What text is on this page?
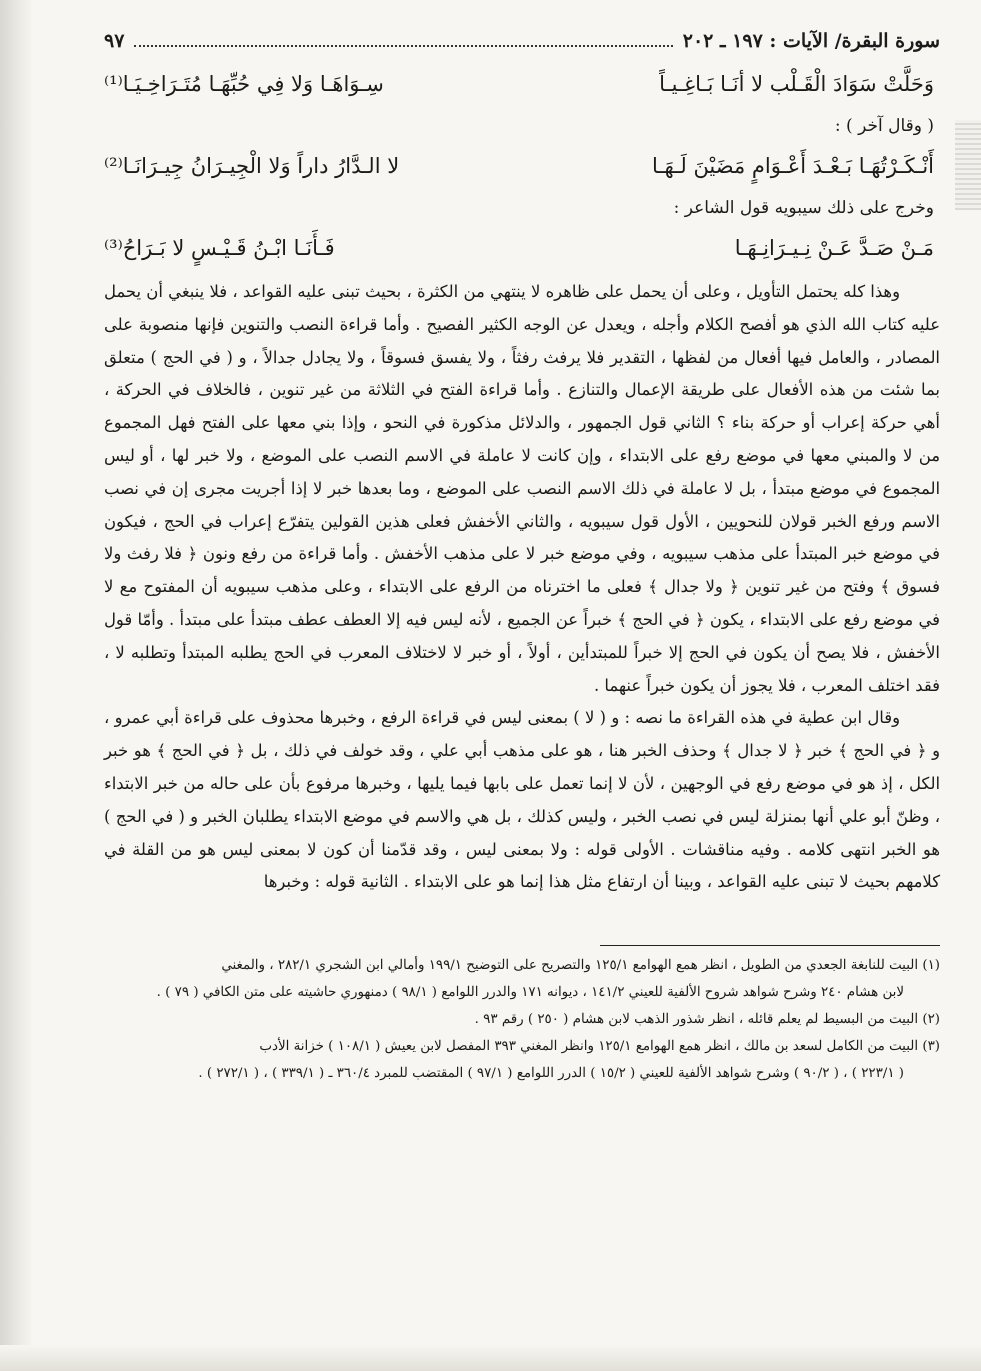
سورة البقرة/ الآيات : ١٩٧ ـ ٢٠٢
٩٧
وَحَلَّتْ سَوَادَ الْقَـلْب لا أنَـا بَـاغِـيـاً
سِـوَاهَـا وَلا فِي حُبِّهَـا مُتَـرَاخِـيَـا⁽¹⁾
( وقال آخر ) :
أَنْـكَـرْتُهَـا بَـعْـدَ أَعْـوَامٍ مَضَيْنَ لَـهَـا
لا الـدَّارُ داراً وَلا الْجِيـرَانُ جِيـرَانَـا⁽²⁾
وخرج على ذلك سيبويه قول الشاعر :
مَـنْ صَـدَّ عَـنْ نِـيـرَانِـهَـا
فَـأَنَـا ابْـنُ قَـيْـسٍ لا بَـرَاحُ⁽³⁾

وهذا كله يحتمل التأويل ، وعلى أن يحمل على ظاهره لا ينتهي من الكثرة ، بحيث تبنى عليه القواعد ، فلا ينبغي أن يحمل عليه كتاب الله الذي هو أفصح الكلام وأجله ، ويعدل عن الوجه الكثير الفصيح . وأما قراءة النصب والتنوين فإنها منصوبة على المصادر ، والعامل فيها أفعال من لفظها ، التقدير فلا يرفث رفثاً ، ولا يفسق فسوقاً ، ولا يجادل جدالاً ، و ( في الحج ) متعلق بما شئت من هذه الأفعال على طريقة الإعمال والتنازع . وأما قراءة الفتح في الثلاثة من غير تنوين ، فالخلاف في الحركة ، أهي حركة إعراب أو حركة بناء ؟ الثاني قول الجمهور ، والدلائل مذكورة في النحو ، وإذا بني معها على الفتح فهل المجموع من لا والمبني معها في موضع رفع على الابتداء ، وإن كانت لا عاملة في الاسم النصب على الموضع ، ولا خبر لها ، أو ليس المجموع في موضع مبتدأ ، بل لا عاملة في ذلك الاسم النصب على الموضع ، وما بعدها خبر لا إذا أجريت مجرى إن في نصب الاسم ورفع الخبر قولان للنحويين ، الأول قول سيبويه ، والثاني الأخفش فعلى هذين القولين يتفرّع إعراب في الحج ، فيكون في موضع خبر المبتدأ على مذهب سيبويه ، وفي موضع خبر لا على مذهب الأخفش . وأما قراءة من رفع ونون ﴿ فلا رفث ولا فسوق ﴾ وفتح من غير تنوين ﴿ ولا جدال ﴾ فعلى ما اخترناه من الرفع على الابتداء ، وعلى مذهب سيبويه أن المفتوح مع لا في موضع رفع على الابتداء ، يكون ﴿ في الحج ﴾ خبراً عن الجميع ، لأنه ليس فيه إلا العطف عطف مبتدأ على مبتدأ . وأمّا قول الأخفش ، فلا يصح أن يكون في الحج إلا خبراً للمبتدأين ، أولاً ، أو خبر لا لاختلاف المعرب في الحج يطلبه المبتدأ وتطلبه لا ، فقد اختلف المعرب ، فلا يجوز أن يكون خبراً عنهما .

وقال ابن عطية في هذه القراءة ما نصه : و ( لا ) بمعنى ليس في قراءة الرفع ، وخبرها محذوف على قراءة أبي عمرو ، و ﴿ في الحج ﴾ خبر ﴿ لا جدال ﴾ وحذف الخبر هنا ، هو على مذهب أبي علي ، وقد خولف في ذلك ، بل ﴿ في الحج ﴾ هو خبر الكل ، إذ هو في موضع رفع في الوجهين ، لأن لا إنما تعمل على بابها فيما يليها ، وخبرها مرفوع بأن على حاله من خبر الابتداء ، وظنّ أبو علي أنها بمنزلة ليس في نصب الخبر ، وليس كذلك ، بل هي والاسم في موضع الابتداء يطلبان الخبر و ( في الحج ) هو الخبر انتهى كلامه . وفيه مناقشات . الأولى قوله : ولا بمعنى ليس ، وقد قدّمنا أن كون لا بمعنى ليس هو من القلة في كلامهم بحيث لا تبنى عليه القواعد ، وبينا أن ارتفاع مثل هذا إنما هو على الابتداء . الثانية قوله : وخبرها

(١) البيت للنابغة الجعدي من الطويل ، انظر همع الهوامع ١٢٥/١ والتصريح على التوضيح ١٩٩/١ وأمالي ابن الشجري ٢٨٢/١ ، والمغني
لابن هشام ٢٤٠ وشرح شواهد شروح الألفية للعيني ١٤١/٢ ، ديوانه ١٧١ والدرر اللوامع ( ٩٨/١ ) دمنهوري حاشيته على متن الكافي ( ٧٩ ) .
(٢) البيت من البسيط لم يعلم قائله ، انظر شذور الذهب لابن هشام ( ٢٥٠ ) رقم ٩٣ .
(٣) البيت من الكامل لسعد بن مالك ، انظر همع الهوامع ١٢٥/١ وانظر المغني ٣٩٣ المفصل لابن يعيش ( ١٠٨/١ ) خزانة الأدب
( ٢٢٣/١ ) ، ( ٩٠/٢ ) وشرح شواهد الألفية للعيني ( ١٥/٢ ) الدرر اللوامع ( ٩٧/١ ) المقتضب للمبرد ٣٦٠/٤ ـ ( ٣٣٩/١ ) ، ( ٢٧٢/١ ) .
